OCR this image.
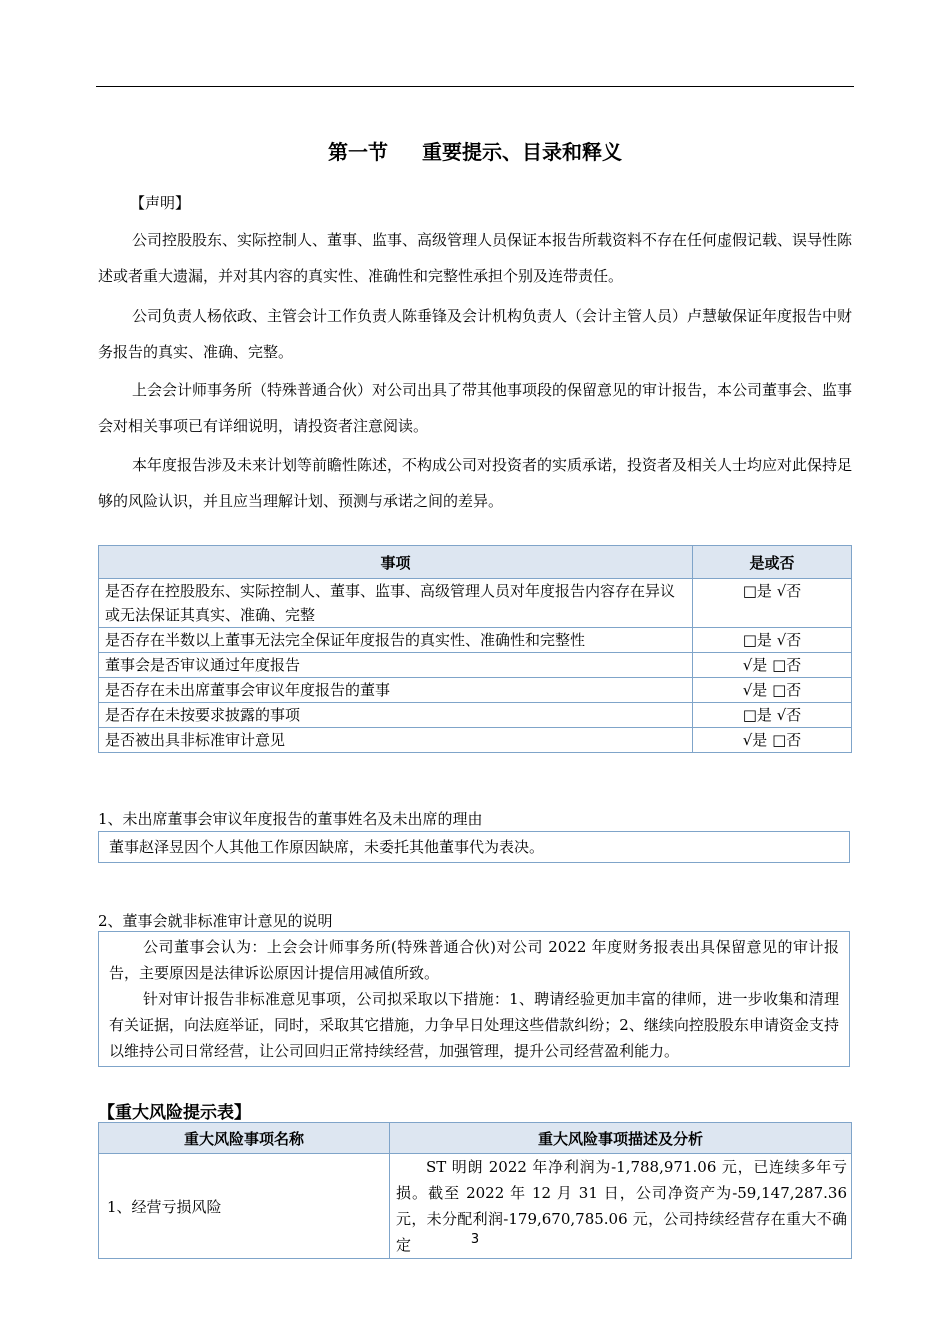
第一节 重要提示、目录和释义
【声明】
公司控股股东、实际控制人、董事、监事、高级管理人员保证本报告所载资料不存在任何虚假记载、误导性陈述或者重大遗漏，并对其内容的真实性、准确性和完整性承担个别及连带责任。
公司负责人杨依政、主管会计工作负责人陈垂锋及会计机构负责人（会计主管人员）卢慧敏保证年度报告中财务报告的真实、准确、完整。
上会会计师事务所（特殊普通合伙）对公司出具了带其他事项段的保留意见的审计报告，本公司董事会、监事会对相关事项已有详细说明，请投资者注意阅读。
本年度报告涉及未来计划等前瞻性陈述，不构成公司对投资者的实质承诺，投资者及相关人士均应对此保持足够的风险认识，并且应当理解计划、预测与承诺之间的差异。
事项	是或否
是否存在控股股东、实际控制人、董事、监事、高级管理人员对年度报告内容存在异议或无法保证其真实、准确、完整	□是 √否
是否存在半数以上董事无法完全保证年度报告的真实性、准确性和完整性	□是 √否
董事会是否审议通过年度报告	√是 □否
是否存在未出席董事会审议年度报告的董事	√是 □否
是否存在未按要求披露的事项	□是 √否
是否被出具非标准审计意见	√是 □否
1、未出席董事会审议年度报告的董事姓名及未出席的理由
董事赵泽昱因个人其他工作原因缺席，未委托其他董事代为表决。
2、董事会就非标准审计意见的说明

公司董事会认为：上会会计师事务所(特殊普通合伙)对公司 2022 年度财务报表出具保留意见的审计报告，主要原因是法律诉讼原因计提信用减值所致。

针对审计报告非标准意见事项，公司拟采取以下措施：1、聘请经验更加丰富的律师，进一步收集和清理有关证据，向法庭举证，同时，采取其它措施，力争早日处理这些借款纠纷；2、继续向控股股东申请资金支持以维持公司日常经营，让公司回归正常持续经营，加强管理，提升公司经营盈利能力。

【重大风险提示表】
重大风险事项名称	重大风险事项描述及分析
1、经营亏损风险	ST 明朗 2022 年净利润为-1,788,971.06 元，已连续多年亏损。截至 2022 年 12 月 31 日，公司净资产为-59,147,287.36 元，未分配利润-179,670,785.06 元，公司持续经营存在重大不确定	3
